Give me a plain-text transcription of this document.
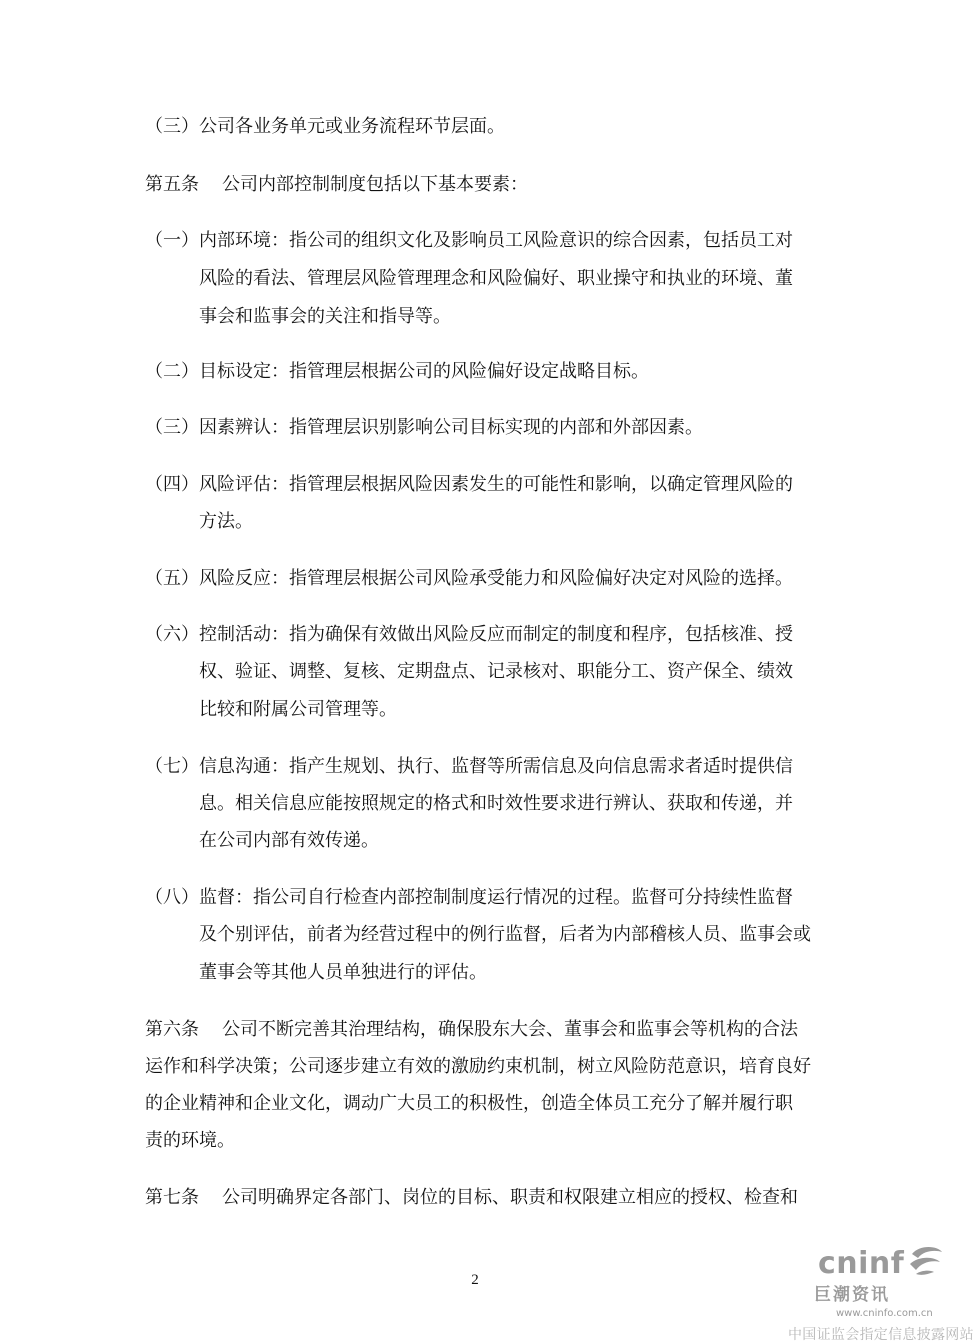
（三） 公司各业务单元或业务流程环节层面。
第五条 公司内部控制制度包括以下基本要素：
（一） 内部环境：指公司的组织文化及影响员工风险意识的综合因素，包括员工对
风险的看法、管理层风险管理理念和风险偏好、职业操守和执业的环境、董
事会和监事会的关注和指导等。
（二） 目标设定：指管理层根据公司的风险偏好设定战略目标。
（三） 因素辨认：指管理层识别影响公司目标实现的内部和外部因素。
（四） 风险评估：指管理层根据风险因素发生的可能性和影响，以确定管理风险的
方法。
（五） 风险反应：指管理层根据公司风险承受能力和风险偏好决定对风险的选择。
（六） 控制活动：指为确保有效做出风险反应而制定的制度和程序，包括核准、授
权、验证、调整、复核、定期盘点、记录核对、职能分工、资产保全、绩效
比较和附属公司管理等。
（七） 信息沟通：指产生规划、执行、监督等所需信息及向信息需求者适时提供信
息。相关信息应能按照规定的格式和时效性要求进行辨认、获取和传递，并
在公司内部有效传递。
（八） 监督：指公司自行检查内部控制制度运行情况的过程。监督可分持续性监督
及个别评估，前者为经营过程中的例行监督，后者为内部稽核人员、监事会或
董事会等其他人员单独进行的评估。
第六条 公司不断完善其治理结构，确保股东大会、董事会和监事会等机构的合法
运作和科学决策；公司逐步建立有效的激励约束机制，树立风险防范意识，培育良好
的企业精神和企业文化，调动广大员工的积极性，创造全体员工充分了解并履行职
责的环境。
第七条 公司明确界定各部门、岗位的目标、职责和权限建立相应的授权、检查和
2	cninf
巨潮资讯
www.cninfo.com.cn
中国证监会指定信息披露网站
